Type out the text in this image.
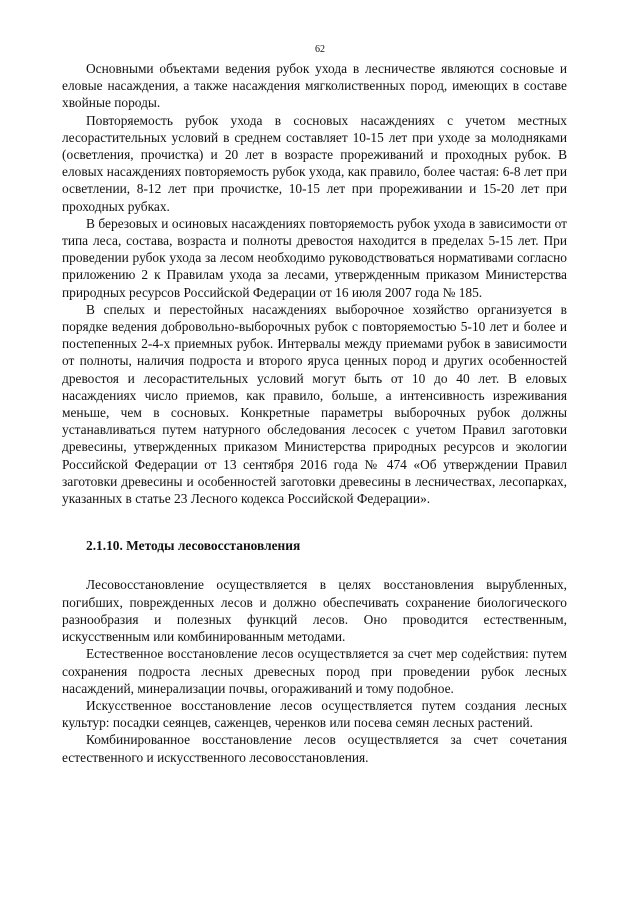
62

Основными объектами ведения рубок ухода в лесничестве являются сосновые и еловые насаждения, а также насаждения мягколиственных пород, имеющих в составе хвойные породы.

Повторяемость рубок ухода в сосновых насаждениях с учетом местных лесорастительных условий в среднем составляет 10-15 лет при уходе за молодняками (осветления, прочистка) и 20 лет в возрасте прореживаний и проходных рубок. В еловых насаждениях повторяемость рубок ухода, как правило, более частая: 6-8 лет при осветлении, 8-12 лет при прочистке, 10-15 лет при прореживании и 15-20 лет при проходных рубках.

В березовых и осиновых насаждениях повторяемость рубок ухода в зависимости от типа леса, состава, возраста и полноты древостоя находится в пределах 5-15 лет. При проведении рубок ухода за лесом необходимо руководствоваться нормативами согласно приложению 2 к Правилам ухода за лесами, утвержденным приказом Министерства природных ресурсов Российской Федерации от 16 июля 2007 года № 185.

В спелых и перестойных насаждениях выборочное хозяйство организуется в порядке ведения добровольно-выборочных рубок с повторяемостью 5-10 лет и более и постепенных 2-4-х приемных рубок. Интервалы между приемами рубок в зависимости от полноты, наличия подроста и второго яруса ценных пород и других особенностей древостоя и лесорастительных условий могут быть от 10 до 40 лет. В еловых насаждениях число приемов, как правило, больше, а интенсивность изреживания меньше, чем в сосновых. Конкретные параметры выборочных рубок должны устанавливаться путем натурного обследования лесосек с учетом Правил заготовки древесины, утвержденных приказом Министерства природных ресурсов и экологии Российской Федерации от 13 сентября 2016 года № 474 «Об утверждении Правил заготовки древесины и особенностей заготовки древесины в лесничествах, лесопарках, указанных в статье 23 Лесного кодекса Российской Федерации».

2.1.10. Методы лесовосстановления

Лесовосстановление осуществляется в целях восстановления вырубленных, погибших, поврежденных лесов и должно обеспечивать сохранение биологического разнообразия и полезных функций лесов. Оно проводится естественным, искусственным или комбинированным методами.

Естественное восстановление лесов осуществляется за счет мер содействия: путем сохранения подроста лесных древесных пород при проведении рубок лесных насаждений, минерализации почвы, огораживаний и тому подобное.

Искусственное восстановление лесов осуществляется путем создания лесных культур: посадки сеянцев, саженцев, черенков или посева семян лесных растений.

Комбинированное восстановление лесов осуществляется за счет сочетания естественного и искусственного лесовосстановления.
